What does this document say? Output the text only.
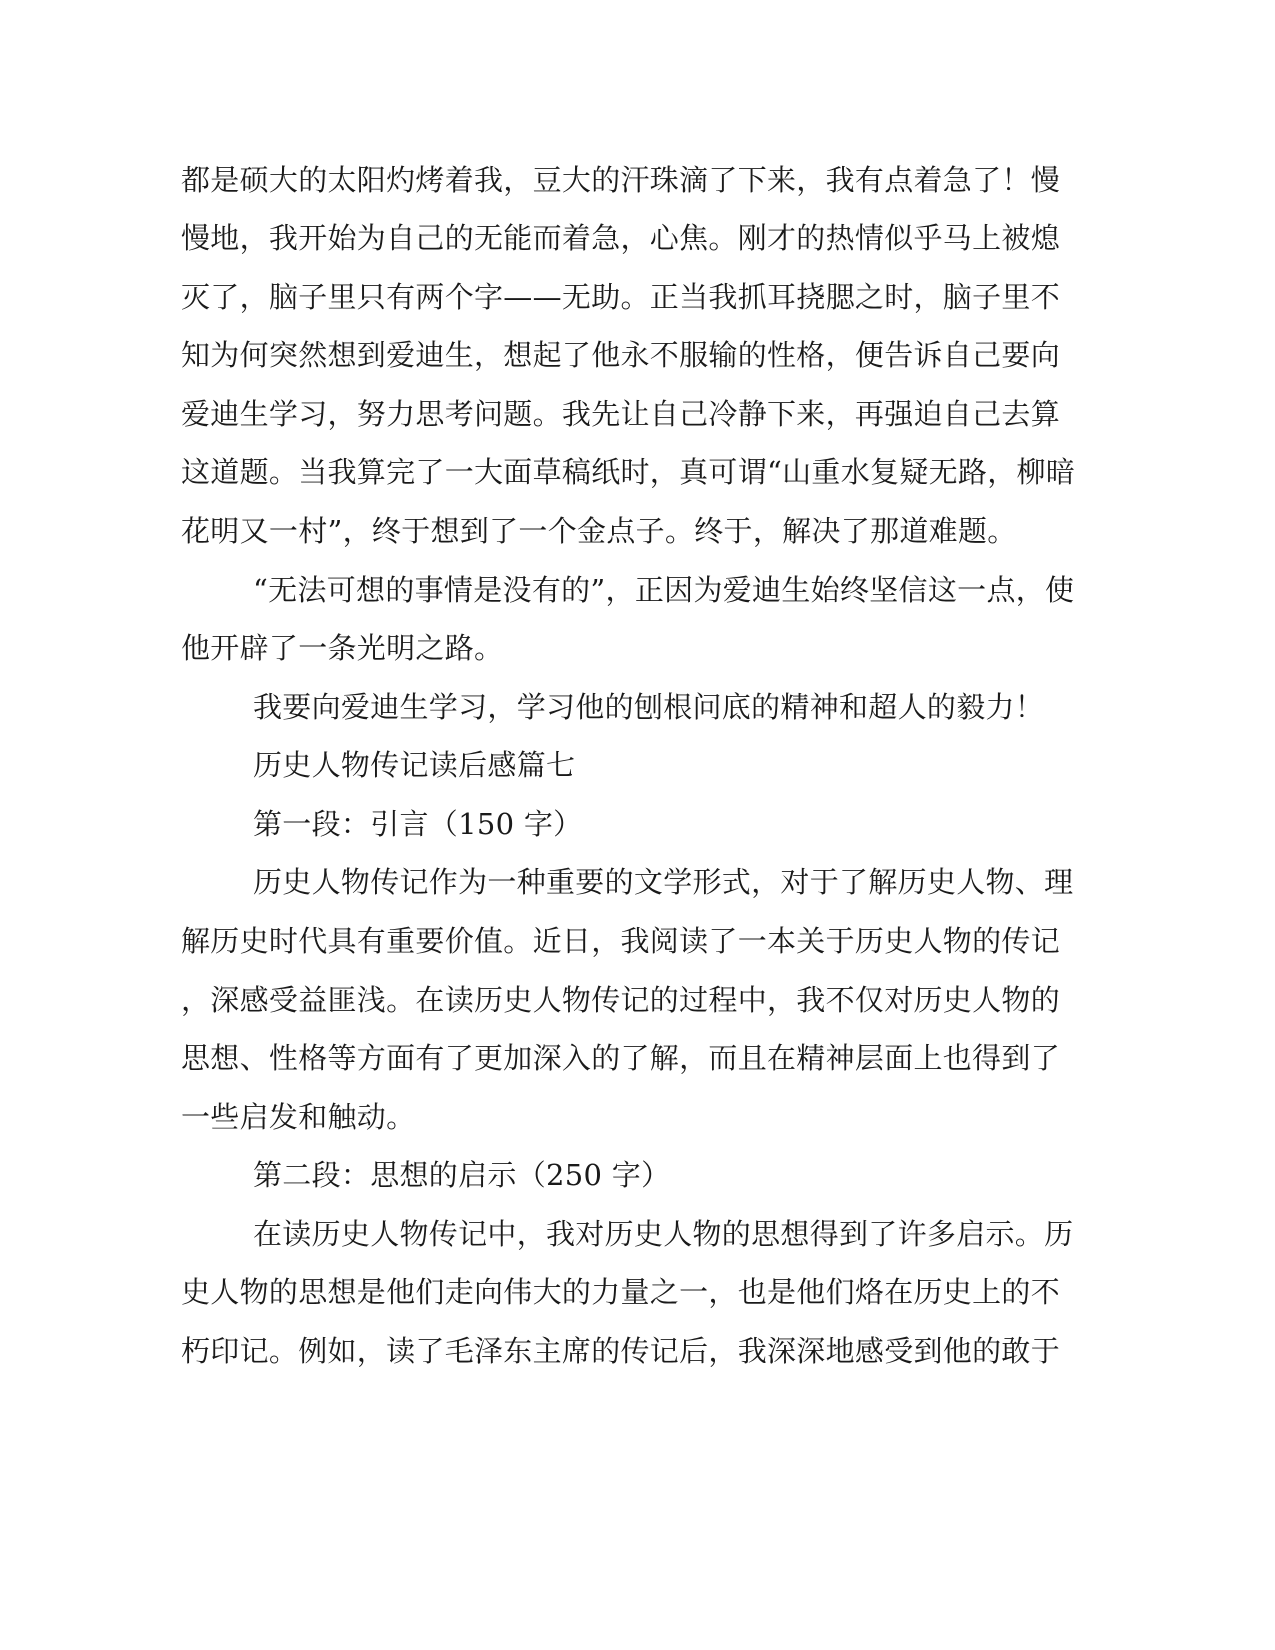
都是硕大的太阳灼烤着我，豆大的汗珠滴了下来，我有点着急了！慢
慢地，我开始为自己的无能而着急，心焦。刚才的热情似乎马上被熄
灭了，脑子里只有两个字——无助。正当我抓耳挠腮之时，脑子里不
知为何突然想到爱迪生，想起了他永不服输的性格，便告诉自己要向
爱迪生学习，努力思考问题。我先让自己冷静下来，再强迫自己去算
这道题。当我算完了一大面草稿纸时，真可谓“山重水复疑无路，柳暗
花明又一村”，终于想到了一个金点子。终于，解决了那道难题。
“无法可想的事情是没有的”，正因为爱迪生始终坚信这一点，使
他开辟了一条光明之路。
我要向爱迪生学习，学习他的刨根问底的精神和超人的毅力！
历史人物传记读后感篇七
第一段：引言（150 字）
历史人物传记作为一种重要的文学形式，对于了解历史人物、理
解历史时代具有重要价值。近日，我阅读了一本关于历史人物的传记
，深感受益匪浅。在读历史人物传记的过程中，我不仅对历史人物的
思想、性格等方面有了更加深入的了解，而且在精神层面上也得到了
一些启发和触动。
第二段：思想的启示（250 字）
在读历史人物传记中，我对历史人物的思想得到了许多启示。历
史人物的思想是他们走向伟大的力量之一，也是他们烙在历史上的不
朽印记。例如，读了毛泽东主席的传记后，我深深地感受到他的敢于
